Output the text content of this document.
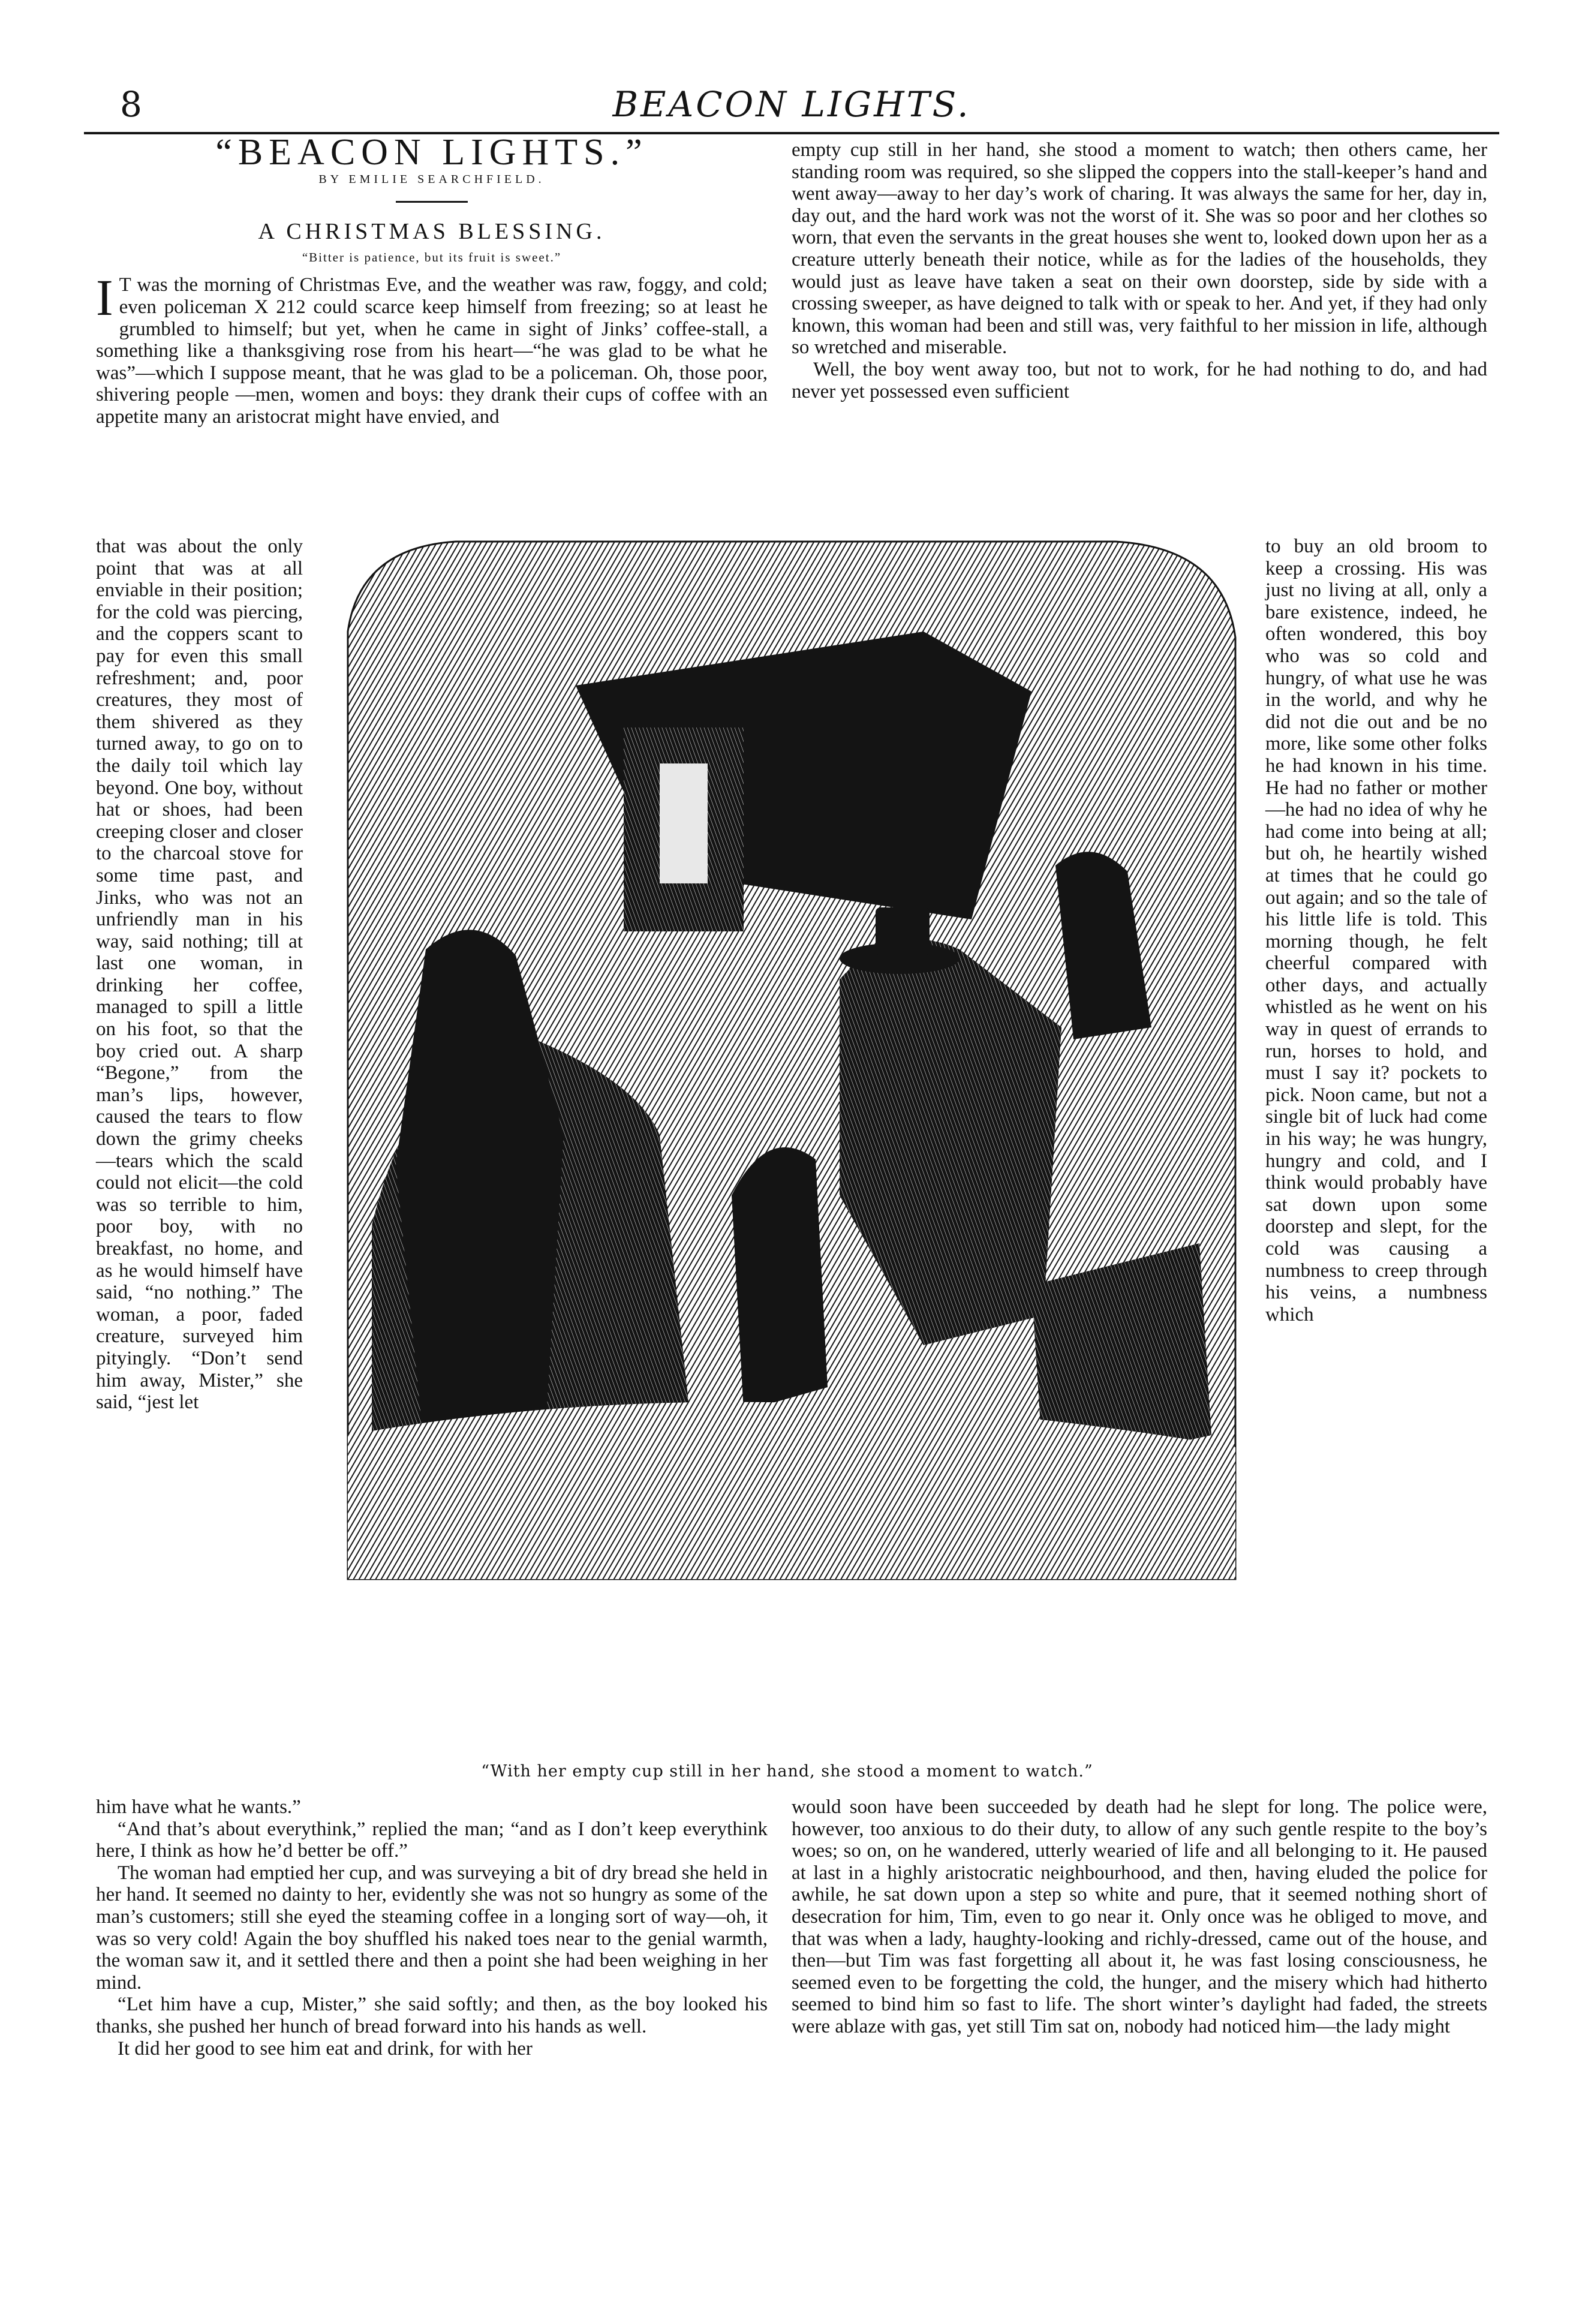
8	BEACON LIGHTS.
“BEACON LIGHTS.”
BY EMILIE SEARCHFIELD.
A CHRISTMAS BLESSING.
“Bitter is patience, but its fruit is sweet.”

I T was the morning of Christmas Eve, and the weather was raw, foggy, and cold; even policeman X 212 could scarce keep himself from freezing; so at least he grumbled to himself; but yet, when he came in sight of Jinks’ coffee-stall, a something like a thanksgiving rose from his heart—“he was glad to be what he was”—which I suppose meant, that he was glad to be a policeman. Oh, those poor, shivering people —men, women and boys: they drank their cups of coffee with an appetite many an aristocrat might have envied, and

empty cup still in her hand, she stood a moment to watch; then others came, her standing room was required, so she slipped the coppers into the stall-keeper’s hand and went away—away to her day’s work of charing. It was always the same for her, day in, day out, and the hard work was not the worst of it. She was so poor and her clothes so worn, that even the servants in the great houses she went to, looked down upon her as a creature utterly beneath their notice, while as for the ladies of the households, they would just as leave have taken a seat on their own doorstep, side by side with a crossing sweeper, as have deigned to talk with or speak to her. And yet, if they had only known, this woman had been and still was, very faithful to her mission in life, although so wretched and miserable.

Well, the boy went away too, but not to work, for he had nothing to do, and had never yet possessed even sufficient

that was about the only point that was at all enviable in their position; for the cold was piercing, and the coppers scant to pay for even this small refreshment; and, poor creatures, they most of them shivered as they turned away, to go on to the daily toil which lay beyond. One boy, without hat or shoes, had been creeping closer and closer to the charcoal stove for some time past, and Jinks, who was not an unfriendly man in his way, said nothing; till at last one woman, in drinking her coffee, managed to spill a little on his foot, so that the boy cried out. A sharp “Begone,” from the man’s lips, however, caused the tears to flow down the grimy cheeks —tears which the scald could not elicit—the cold was so terrible to him, poor boy, with no breakfast, no home, and as he would himself have said, “no nothing.” The woman, a poor, faded creature, surveyed him pityingly. “Don’t send him away, Mister,” she said, “jest let

“With her empty cup still in her hand, she stood a moment to watch.”

to buy an old broom to keep a crossing. His was just no living at all, only a bare existence, indeed, he often wondered, this boy who was so cold and hungry, of what use he was in the world, and why he did not die out and be no more, like some other folks he had known in his time. He had no father or mother—he had no idea of why he had come into being at all; but oh, he heartily wished at times that he could go out again; and so the tale of his little life is told. This morning though, he felt cheerful compared with other days, and actually whistled as he went on his way in quest of errands to run, horses to hold, and must I say it? pockets to pick. Noon came, but not a single bit of luck had come in his way; he was hungry, hungry and cold, and I think would probably have sat down upon some doorstep and slept, for the cold was causing a numbness to creep through his veins, a numbness which

him have what he wants.”

“And that’s about everythink,” replied the man; “and as I don’t keep everythink here, I think as how he’d better be off.”

The woman had emptied her cup, and was surveying a bit of dry bread she held in her hand. It seemed no dainty to her, evidently she was not so hungry as some of the man’s customers; still she eyed the steaming coffee in a longing sort of way—oh, it was so very cold! Again the boy shuffled his naked toes near to the genial warmth, the woman saw it, and it settled there and then a point she had been weighing in her mind.

“Let him have a cup, Mister,” she said softly; and then, as the boy looked his thanks, she pushed her hunch of bread forward into his hands as well.

It did her good to see him eat and drink, for with her

would soon have been succeeded by death had he slept for long. The police were, however, too anxious to do their duty, to allow of any such gentle respite to the boy’s woes; so on, on he wandered, utterly wearied of life and all belonging to it. He paused at last in a highly aristocratic neighbourhood, and then, having eluded the police for awhile, he sat down upon a step so white and pure, that it seemed nothing short of desecration for him, Tim, even to go near it. Only once was he obliged to move, and that was when a lady, haughty-looking and richly-dressed, came out of the house, and then—but Tim was fast forgetting all about it, he was fast losing consciousness, he seemed even to be forgetting the cold, the hunger, and the misery which had hitherto seemed to bind him so fast to life. The short winter’s daylight had faded, the streets were ablaze with gas, yet still Tim sat on, nobody had noticed him—the lady might
